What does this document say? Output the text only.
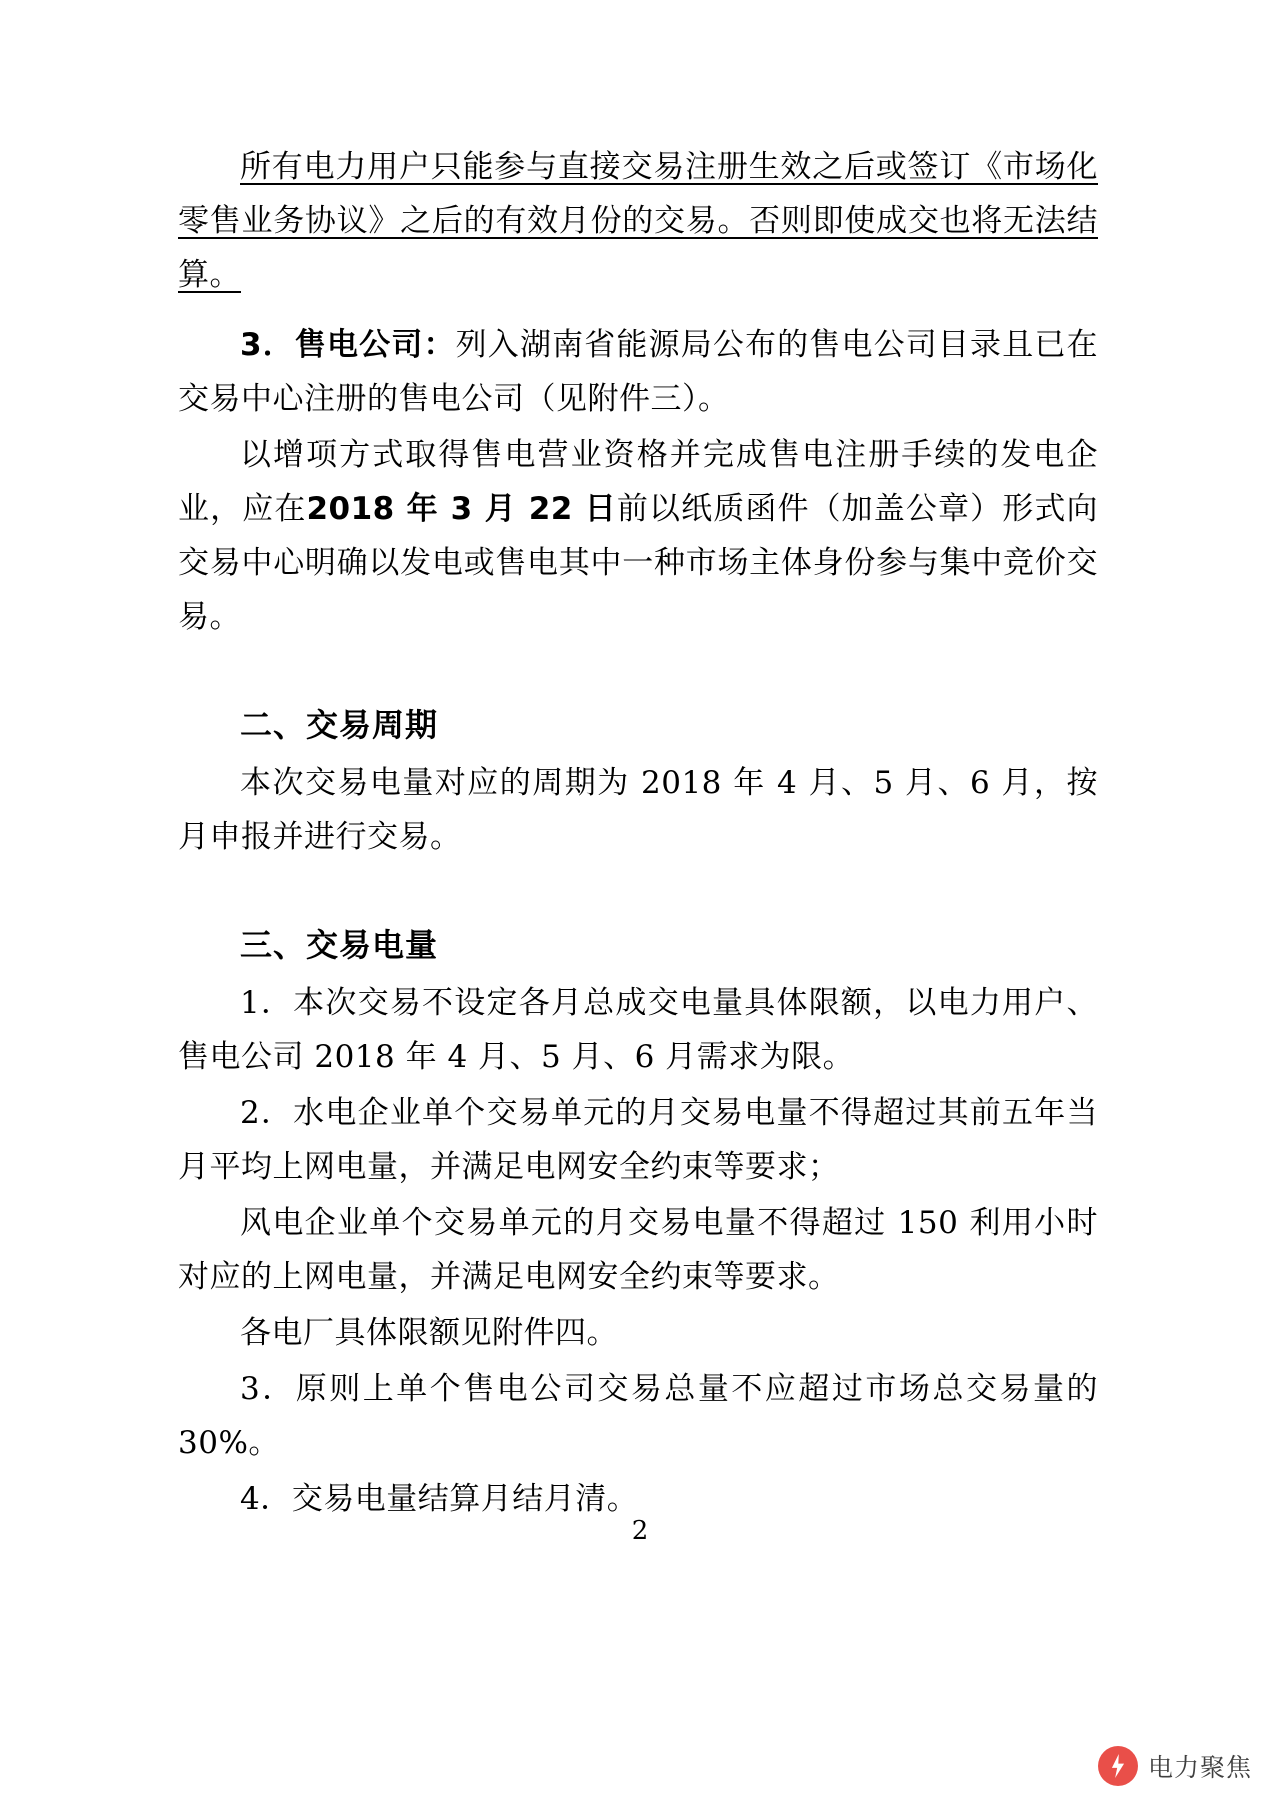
所有电力用户只能参与直接交易注册生效之后或签订《市场化零售业务协议》之后的有效月份的交易。否则即使成交也将无法结算。

3．售电公司：列入湖南省能源局公布的售电公司目录且已在交易中心注册的售电公司（见附件三）。

以增项方式取得售电营业资格并完成售电注册手续的发电企业，应在2018 年 3 月 22 日前以纸质函件（加盖公章）形式向交易中心明确以发电或售电其中一种市场主体身份参与集中竞价交易。

二、交易周期

本次交易电量对应的周期为 2018 年 4 月、5 月、6 月，按月申报并进行交易。

三、交易电量

1．本次交易不设定各月总成交电量具体限额，以电力用户、售电公司 2018 年 4 月、5 月、6 月需求为限。

2．水电企业单个交易单元的月交易电量不得超过其前五年当月平均上网电量，并满足电网安全约束等要求；

风电企业单个交易单元的月交易电量不得超过 150 利用小时对应的上网电量，并满足电网安全约束等要求。

各电厂具体限额见附件四。

3．原则上单个售电公司交易总量不应超过市场总交易量的 30%。

4．交易电量结算月结月清。

2
电力聚焦
